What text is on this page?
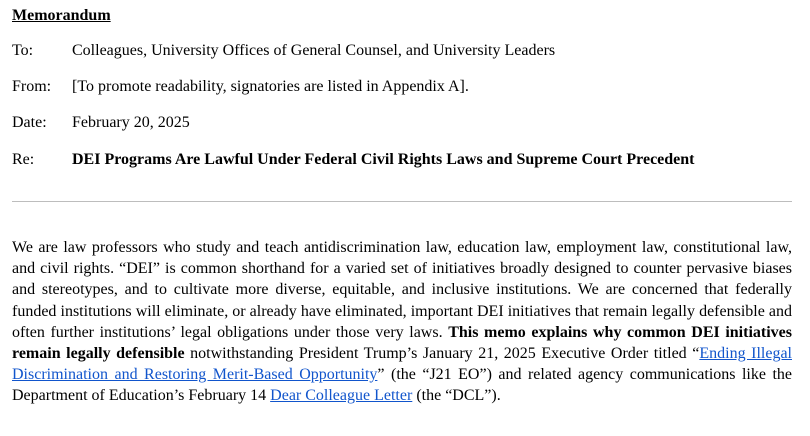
Memorandum
To: Colleagues, University Offices of General Counsel, and University Leaders
From: [To promote readability, signatories are listed in Appendix A].
Date: February 20, 2025
Re: DEI Programs Are Lawful Under Federal Civil Rights Laws and Supreme Court Precedent

We are law professors who study and teach antidiscrimination law, education law, employment law, constitutional law, and civil rights. “DEI” is common shorthand for a varied set of initiatives broadly designed to counter pervasive biases and stereotypes, and to cultivate more diverse, equitable, and inclusive institutions. We are concerned that federally funded institutions will eliminate, or already have eliminated, important DEI initiatives that remain legally defensible and often further institutions’ legal obligations under those very laws. This memo explains why common DEI initiatives remain legally defensible notwithstanding President Trump’s January 21, 2025 Executive Order titled “Ending Illegal Discrimination and Restoring Merit-Based Opportunity” (the “J21 EO”) and related agency communications like the Department of Education’s February 14 Dear Colleague Letter (the “DCL”).
